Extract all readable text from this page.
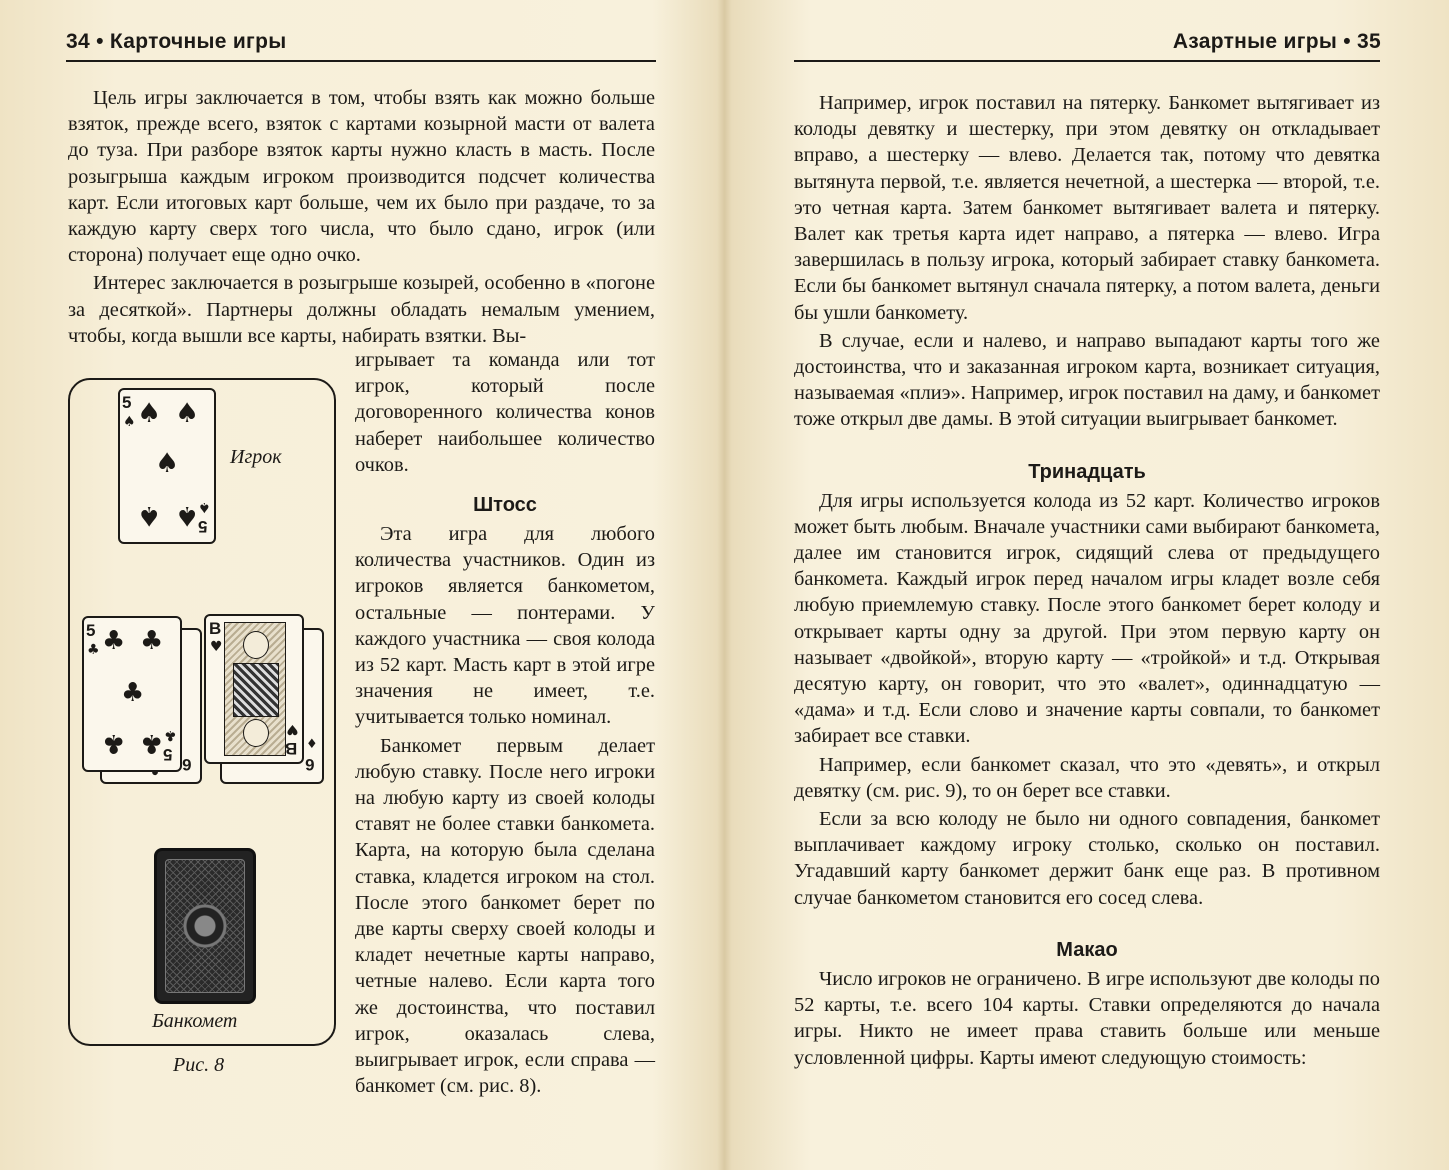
34 • Карточные игры

Цель игры заключается в том, чтобы взять как можно больше взяток, прежде всего, взяток с картами козырной масти от валета до туза. При разборе взяток карты нужно класть в масть. После розыгрыша каждым игроком производится подсчет количества карт. Если итоговых карт больше, чем их было при раздаче, то за каждую карту сверх того числа, что было сдано, игрок (или сторона) получает еще одно очко.

Интерес заключается в розыгрыше козырей, особенно в «погоне за десяткой». Партнеры должны обладать немалым умением, чтобы, когда вышли все карты, набирать взятки. Вы-

5
♠ ♠ ♠
♠
♠ ♠
♠
5
Игрок
6
5
♣ ♣ ♣
♣
♣ ♣ ♣
5
6
♦
В
♥
♥
В
Банкомет
Рис. 8

игрывает та команда или тот игрок, который после договоренного количества конов наберет наибольшее количество очков.

Штосс

Эта игра для любого количества участников. Один из игроков является банкометом, остальные — понтерами. У каждого участника — своя колода из 52 карт. Масть карт в этой игре значения не имеет, т.е. учитывается только номинал.

Банкомет первым делает любую ставку. После него игроки на любую карту из своей колоды ставят не более ставки банкомета. Карта, на которую была сделана ставка, кладется игроком на стол. После этого банкомет берет по две карты сверху своей колоды и кладет нечетные карты направо, четные налево. Если карта того же достоинства, что поставил игрок, оказалась слева, выигрывает игрок, если справа — банкомет (см. рис. 8).

Азартные игры • 35

Например, игрок поставил на пятерку. Банкомет вытягивает из колоды девятку и шестерку, при этом девятку он откладывает вправо, а шестерку — влево. Делается так, потому что девятка вытянута первой, т.е. является нечетной, а шестерка — второй, т.е. это четная карта. Затем банкомет вытягивает валета и пятерку. Валет как третья карта идет направо, а пятерка — влево. Игра завершилась в пользу игрока, который забирает ставку банкомета. Если бы банкомет вытянул сначала пятерку, а потом валета, деньги бы ушли банкомету.

В случае, если и налево, и направо выпадают карты того же достоинства, что и заказанная игроком карта, возникает ситуация, называемая «плиэ». Например, игрок поставил на даму, и банкомет тоже открыл две дамы. В этой ситуации выигрывает банкомет.

Тринадцать

Для игры используется колода из 52 карт. Количество игроков может быть любым. Вначале участники сами выбирают банкомета, далее им становится игрок, сидящий слева от предыдущего банкомета. Каждый игрок перед началом игры кладет возле себя любую приемлемую ставку. После этого банкомет берет колоду и открывает карты одну за другой. При этом первую карту он называет «двойкой», вторую карту — «тройкой» и т.д. Открывая десятую карту, он говорит, что это «валет», одиннадцатую — «дама» и т.д. Если слово и значение карты совпали, то банкомет забирает все ставки.

Например, если банкомет сказал, что это «девять», и открыл девятку (см. рис. 9), то он берет все ставки.

Если за всю колоду не было ни одного совпадения, банкомет выплачивает каждому игроку столько, сколько он поставил. Угадавший карту банкомет держит банк еще раз. В противном случае банкометом становится его сосед слева.

Макао

Число игроков не ограничено. В игре используют две колоды по 52 карты, т.е. всего 104 карты. Ставки определяются до начала игры. Никто не имеет права ставить больше или меньше условленной цифры. Карты имеют следующую стоимость:
